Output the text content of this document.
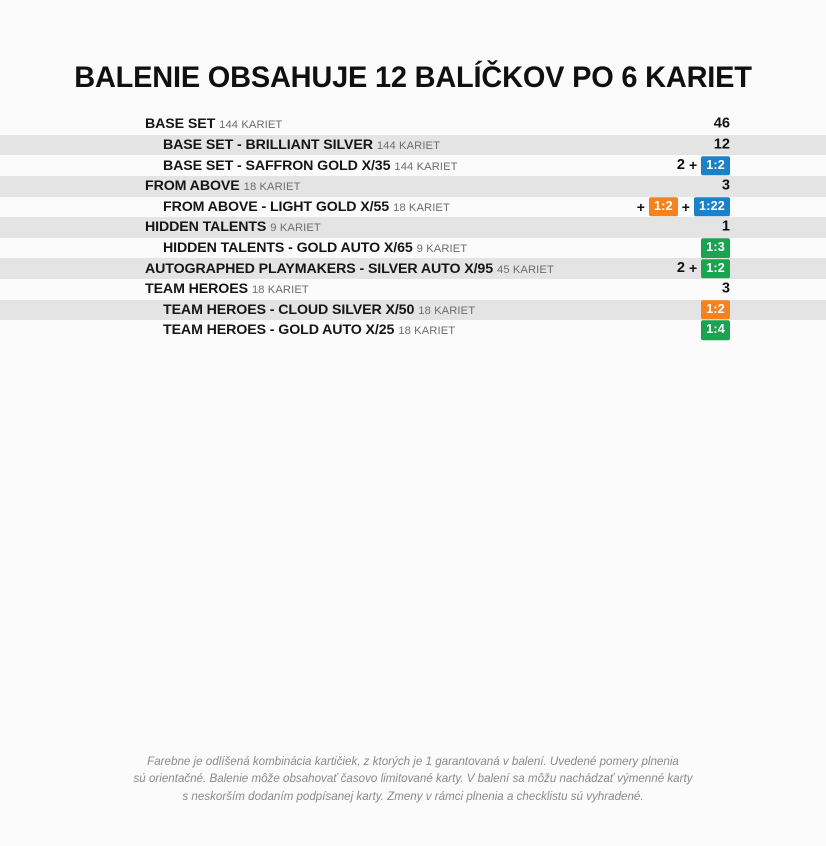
BALENIE OBSAHUJE 12 BALÍČKOV PO 6 KARIET
BASE SET 144 KARIET	46
BASE SET - BRILLIANT SILVER 144 KARIET	12
BASE SET - SAFFRON GOLD X/35 144 KARIET	2 + 1:2
FROM ABOVE 18 KARIET	3
FROM ABOVE - LIGHT GOLD X/55 18 KARIET	+ 1:2 + 1:22
HIDDEN TALENTS 9 KARIET	1
HIDDEN TALENTS - GOLD AUTO X/65 9 KARIET	1:3
AUTOGRAPHED PLAYMAKERS - SILVER AUTO X/95 45 KARIET	2 + 1:2
TEAM HEROES 18 KARIET	3
TEAM HEROES - CLOUD SILVER X/50 18 KARIET	1:2
TEAM HEROES - GOLD AUTO X/25 18 KARIET	1:4

Farebne je odlíšená kombinácia kartičiek, z ktorých je 1 garantovaná v balení. Uvedené pomery plnenia

sú orientačné. Balenie môže obsahovať časovo limitované karty. V balení sa môžu nachádzať výmenné karty

s neskorším dodaním podpísanej karty. Zmeny v rámci plnenia a checklistu sú vyhradené.
